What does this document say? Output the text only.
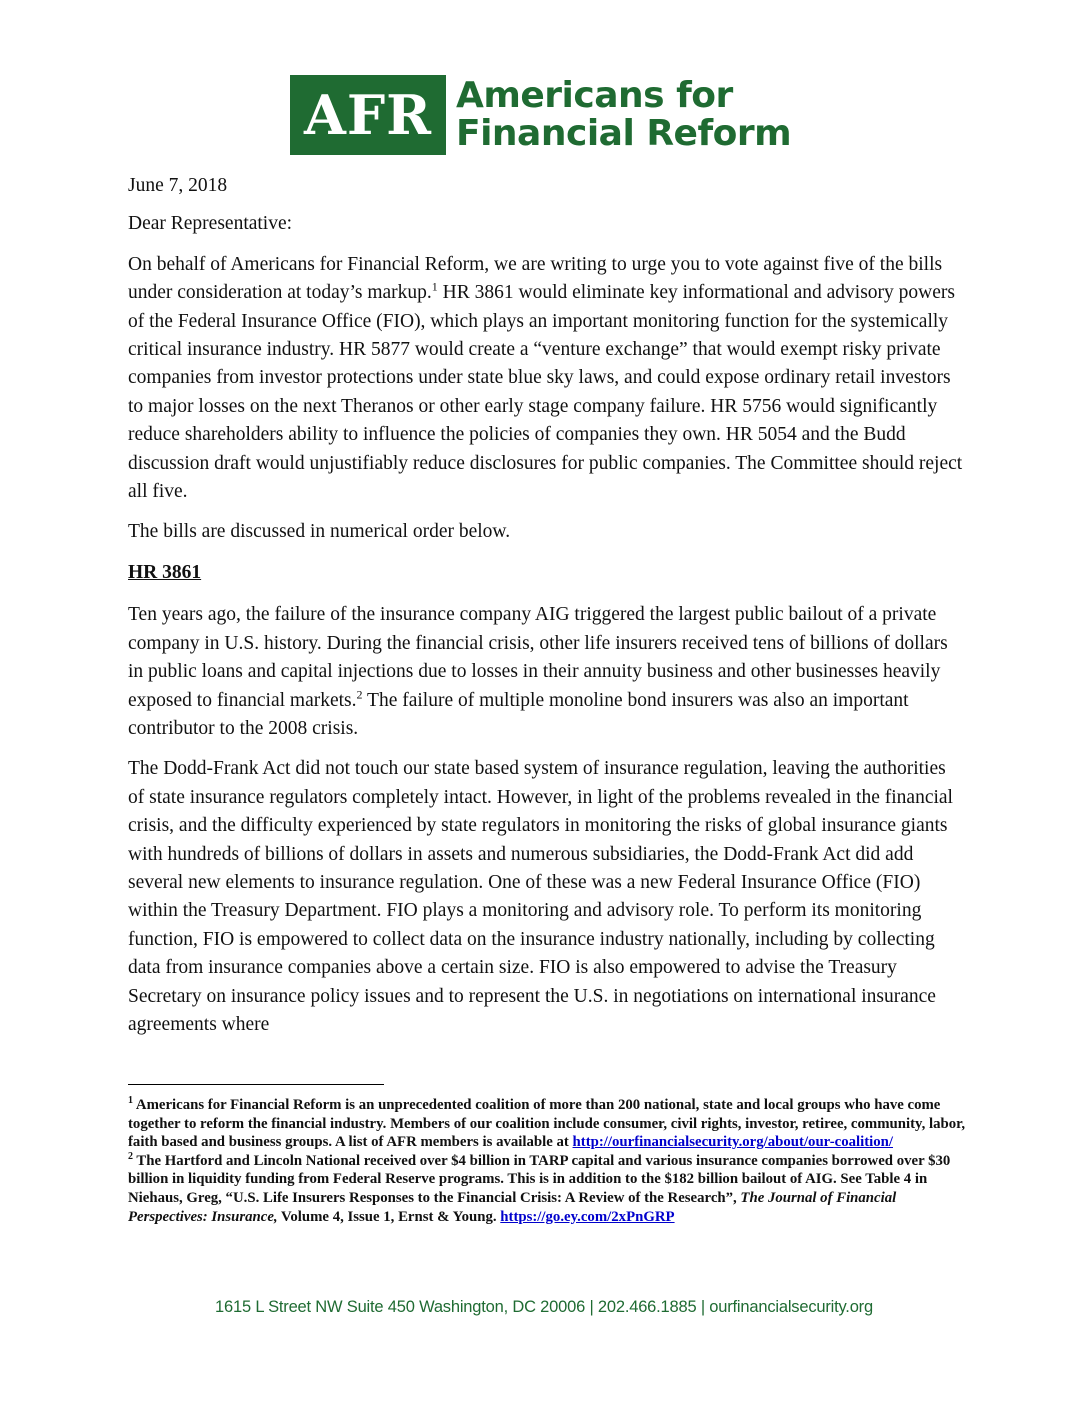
AFR Americans for
Financial Reform

June 7, 2018

Dear Representative:

On behalf of Americans for Financial Reform, we are writing to urge you to vote against five of the bills under consideration at today’s markup.$^1$ HR 3861 would eliminate key informational and advisory powers of the Federal Insurance Office (FIO), which plays an important monitoring function for the systemically critical insurance industry. HR 5877 would create a “venture exchange” that would exempt risky private companies from investor protections under state blue sky laws, and could expose ordinary retail investors to major losses on the next Theranos or other early stage company failure. HR 5756 would significantly reduce shareholders ability to influence the policies of companies they own. HR 5054 and the Budd discussion draft would unjustifiably reduce disclosures for public companies. The Committee should reject all five.

The bills are discussed in numerical order below.

HR 3861

Ten years ago, the failure of the insurance company AIG triggered the largest public bailout of a private company in U.S. history. During the financial crisis, other life insurers received tens of billions of dollars in public loans and capital injections due to losses in their annuity business and other businesses heavily exposed to financial markets.$^2$ The failure of multiple monoline bond insurers was also an important contributor to the 2008 crisis.

The Dodd-Frank Act did not touch our state based system of insurance regulation, leaving the authorities of state insurance regulators completely intact. However, in light of the problems revealed in the financial crisis, and the difficulty experienced by state regulators in monitoring the risks of global insurance giants with hundreds of billions of dollars in assets and numerous subsidiaries, the Dodd-Frank Act did add several new elements to insurance regulation. One of these was a new Federal Insurance Office (FIO) within the Treasury Department. FIO plays a monitoring and advisory role. To perform its monitoring function, FIO is empowered to collect data on the insurance industry nationally, including by collecting data from insurance companies above a certain size. FIO is also empowered to advise the Treasury Secretary on insurance policy issues and to represent the U.S. in negotiations on international insurance agreements where

$^1$ Americans for Financial Reform is an unprecedented coalition of more than 200 national, state and local groups who have come together to reform the financial industry. Members of our coalition include consumer, civil rights, investor, retiree, community, labor, faith based and business groups. A list of AFR members is available at http://ourfinancialsecurity.org/about/our-coalition/

$^2$ The Hartford and Lincoln National received over $4 billion in TARP capital and various insurance companies borrowed over $30 billion in liquidity funding from Federal Reserve programs. This is in addition to the $182 billion bailout of AIG. See Table 4 in Niehaus, Greg, “U.S. Life Insurers Responses to the Financial Crisis: A Review of the Research”, The Journal of Financial Perspectives: Insurance, Volume 4, Issue 1, Ernst & Young. https://go.ey.com/2xPnGRP

1615 L Street NW Suite 450 Washington, DC 20006 | 202.466.1885 | ourfinancialsecurity.org
